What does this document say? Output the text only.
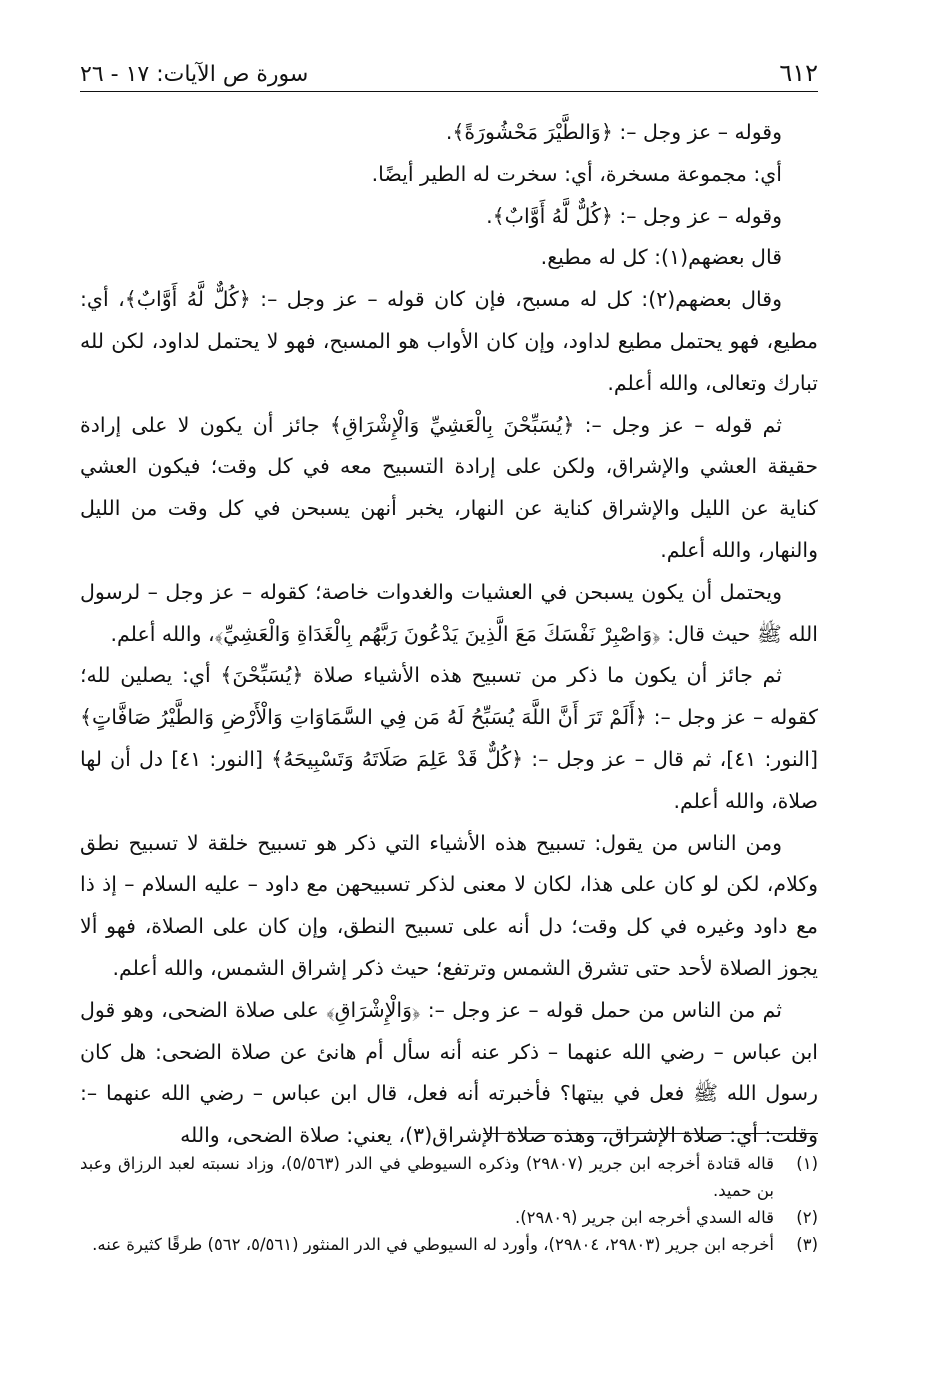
٦١٢
سورة ص الآيات: ١٧ - ٢٦

وقوله – عز وجل –: ﴿وَالطَّيْرَ مَحْشُورَةً﴾.

أي: مجموعة مسخرة، أي: سخرت له الطير أيضًا.

وقوله – عز وجل –: ﴿كُلٌّ لَّهُ أَوَّابٌ﴾.

قال بعضهم(١): كل له مطيع.

وقال بعضهم(٢): كل له مسبح، فإن كان قوله – عز وجل –: ﴿كُلٌّ لَّهُ أَوَّابٌ﴾، أي: مطيع، فهو يحتمل مطيع لداود، وإن كان الأواب هو المسبح، فهو لا يحتمل لداود، لكن لله تبارك وتعالى، والله أعلم.

ثم قوله – عز وجل –: ﴿يُسَبِّحْنَ بِالْعَشِيِّ وَالْإِشْرَاقِ﴾ جائز أن يكون لا على إرادة حقيقة العشي والإشراق، ولكن على إرادة التسبيح معه في كل وقت؛ فيكون العشي كناية عن الليل والإشراق كناية عن النهار، يخبر أنهن يسبحن في كل وقت من الليل والنهار، والله أعلم.

ويحتمل أن يكون يسبحن في العشيات والغدوات خاصة؛ كقوله – عز وجل – لرسول الله ﷺ حيث قال: ﴿وَاصْبِرْ نَفْسَكَ مَعَ الَّذِينَ يَدْعُونَ رَبَّهُم بِالْغَدَاةِ وَالْعَشِيِّ﴾، والله أعلم.

ثم جائز أن يكون ما ذكر من تسبيح هذه الأشياء صلاة ﴿يُسَبِّحْنَ﴾ أي: يصلين لله؛ كقوله – عز وجل –: ﴿أَلَمْ تَرَ أَنَّ اللَّهَ يُسَبِّحُ لَهُ مَن فِي السَّمَاوَاتِ وَالْأَرْضِ وَالطَّيْرُ صَافَّاتٍ﴾ [النور: ٤١]، ثم قال – عز وجل –: ﴿كُلٌّ قَدْ عَلِمَ صَلَاتَهُ وَتَسْبِيحَهُ﴾ [النور: ٤١] دل أن لها صلاة، والله أعلم.

ومن الناس من يقول: تسبيح هذه الأشياء التي ذكر هو تسبيح خلقة لا تسبيح نطق وكلام، لكن لو كان على هذا، لكان لا معنى لذكر تسبيحهن مع داود – عليه السلام – إذ ذا مع داود وغيره في كل وقت؛ دل أنه على تسبيح النطق، وإن كان على الصلاة، فهو ألا يجوز الصلاة لأحد حتى تشرق الشمس وترتفع؛ حيث ذكر إشراق الشمس، والله أعلم.

ثم من الناس من حمل قوله – عز وجل –: ﴿وَالْإِشْرَاقِ﴾ على صلاة الضحى، وهو قول ابن عباس – رضي الله عنهما – ذكر عنه أنه سأل أم هانئ عن صلاة الضحى: هل كان رسول الله ﷺ فعل في بيتها؟ فأخبرته أنه فعل، قال ابن عباس – رضي الله عنهما –: وقلت: أي: صلاة الإشراق، وهذه صلاة الإشراق(٣)، يعني: صلاة الضحى، والله

(١)
قاله قتادة أخرجه ابن جرير (٢٩٨٠٧) وذكره السيوطي في الدر (٥/٥٦٣)، وزاد نسبته لعبد الرزاق وعبد بن حميد.
(٢)
قاله السدي أخرجه ابن جرير (٢٩٨٠٩).
(٣)
أخرجه ابن جرير (٢٩٨٠٣، ٢٩٨٠٤)، وأورد له السيوطي في الدر المنثور (٥/٥٦١، ٥٦٢) طرقًا كثيرة عنه.
